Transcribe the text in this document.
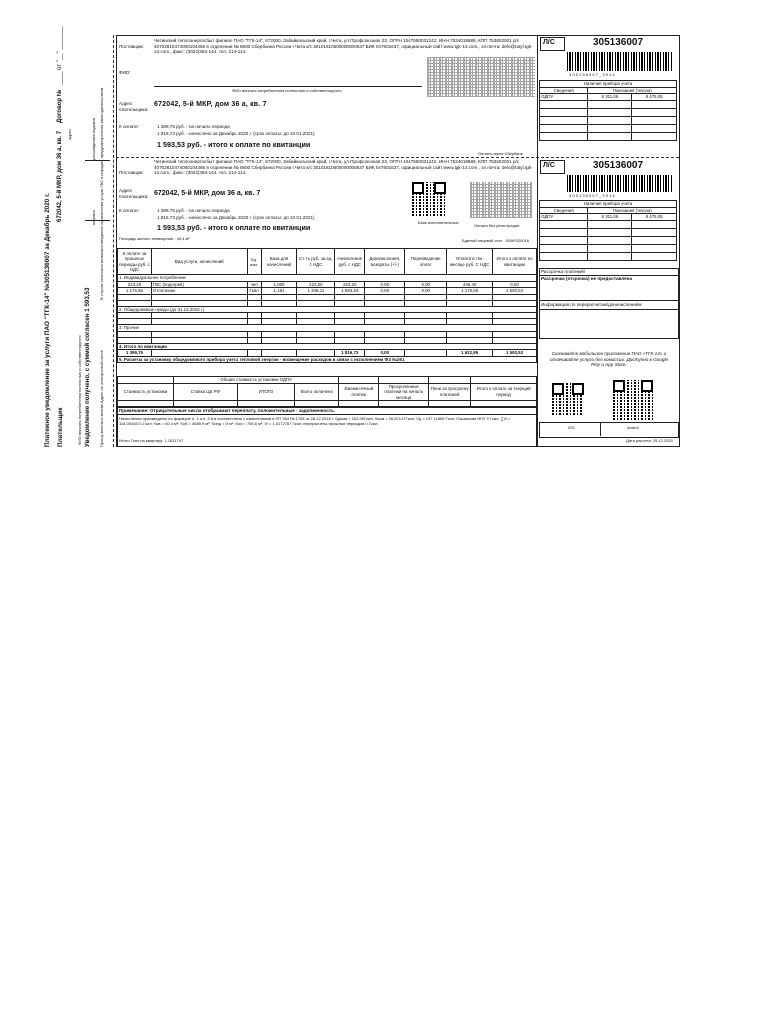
Платежное уведомление за услуги ПАО "ТГК-14" №305136007 за Декабрь 2020 г. Плательщик
672042, 5-й МКР, дом 36 а, кв. 7
Договор №
____ от "__" _______
адрес
ФИО вписать потребителем полностью и собственноручно
подпись
расшифровка подписи
Уведомление получено, с суммой согласен 1 593,53
В случае неоплаты возможно введение ограничения услуги ГВС в порядке, предусмотренном законодательством
Прошу внести в мотив/ Адрес по электронной почте
Поставщик:
Читинский теплоэнергосбыт филиал ПАО "ТГК-14", 672000, Забайкальский край, г.Чита, ул.Профсоюзная 23, ОГРН 1047550031242, ИНН 7534018889, КПП 753602001 р/с 40702810474000104466 в отделении № 8600 Сбербанка России г.Чита к/с 30101810500000000637 БИК 047601637, официальный сайт:www.tgk-14.com., эл.почта: delo@tatyl.tgk-14.com., факс: (3022)384-144. тел. 214-114.
ФИО:
ФИО вписать потребителем полностью и собственноручно
Адрес плательщика:
672042, 5-й МКР, дом 36 а, кв. 7
К оплате:	1 399,75 руб. - на начало периода
1 816,73 руб. - начислено за Декабрь 2020 г. (срок оплаты: до 10.01.2021)
1 593,53 руб. - итого к оплате по квитанции
Оплата через Сбербанк
Л/С	305136007
3 0 5 1 3 6 0 0 7 _ 3 9 1 4
Наличие прибора учета		
Сведения	Показания (текоза)	
ОДПУ	8 311,06	8 475,05

Поставщик:
Читинский теплоэнергосбыт филиал ПАО "ТГК-14", 672000, Забайкальский край, г.Чита, ул.Профсоюзная 23, ОГРН 1047550031242, ИНН 7534018889, КПП 753602001 р/с 40702810474000104466 в отделении № 8600 Сбербанка России г.Чита к/с 30101810500000000637 БИК 047601637, официальный сайт:www.tgk-14.com., эл.почта: delo@tatyl.tgk-14.com., факс: (3022)384-144. тел. 214-114.
Адрес плательщика: 672042, 5-й МКР, дом 36 а, кв. 7
К оплате:	1 399,75 руб. - на начало периода
1 816,73 руб. - начислено за Декабрь 2020 г. (срок оплаты: до 10.01.2021)
1 593,53 руб. - итого к оплате по квитанции
Банк исполнительных
Оплата без регистрации
Площадь жилого помещения - 40,4 м²	Единый лицевой счет - 00АР020016
Л/С	305136007
3 0 5 1 3 6 0 0 7 _ 3 9 1 4
Наличие прибора учета		
Сведения	Показания (текоза)	
ОДПУ	8 311,06	8 475,05

Рассрочка платежей
Рассрочка (отсрочка) не предоставлена
Информация по перерасчетам/доначислениям
Скачивайте мобильное приложение ПАО «ТГК-14» и оплачивайте услуги без комиссии. Доступно в Google Play и App Store.
iOS	Androi
Дата расчета: 25.12.2020
К оплате за прошлые периоды руб. с НДС	Вид услуги, начислений	Ед. изм.	База для начислений	Ст-ть руб. за ед. с НДС	Начисление руб. с НДС	Доначисления, возвраты (+/-)	Перевведение оплат	Оплата в тек. месяце руб. С НДС	Итого к оплате по квитанции
1. Индивидуальное потребление									
223,20	ГВС (подогрев)	чел	1,000	223,20	223,20	0,00	0,00	446,40	0,00
1 176,55	Отопление	Гкал	1,181	1 349,11	1 593,53	0,00	0,00	1 176,55	1 593,53

2. Общедомовые нужды (до 31.12.2016 г.)									

3. Прочие									

4. Итого по квитанции									
1 399,75					1 816,73	0,00		1 622,95	1 593,53
5. Расчеты за установку общедомового прибора учета тепловой энергии - возмещение расходов в связи с исполнением ФЗ №261									
	Общая стоимость установки ОДПУ						
Стоимость установки	Ставка ЦБ РФ	ИТОГО	Всего оплачено	Ежемесячный платеж	Просроченные платежи на начало месяца	Пени за просрочку платежей	Итого к оплате за текущий период

Примечание: Отрицательные числа отображают переплату, положительные - задолженность.
Начисления произведены по формуле п. 3 и п. 3.6 в соответствии с изменениями в ПП 354 № 1708 от 28.12.2018 г. Sдома = 163,99Гкал; Sком = 26,87147Гкал; Vд = 137,11859 Гкал; Показания ИПУ 0 Гкал; ∑Vi = 118,0924571 Гкал; Sкв = 40,4 м²; Soб = 4689,9 м²; Sинд = 0 м²; Sои = 755,6 м²; Vi = 1,0172787 Гкал; перерасчеты прошлых периодов 0 Гкал;
Итого Гкал на квартиру: 1,1811747
